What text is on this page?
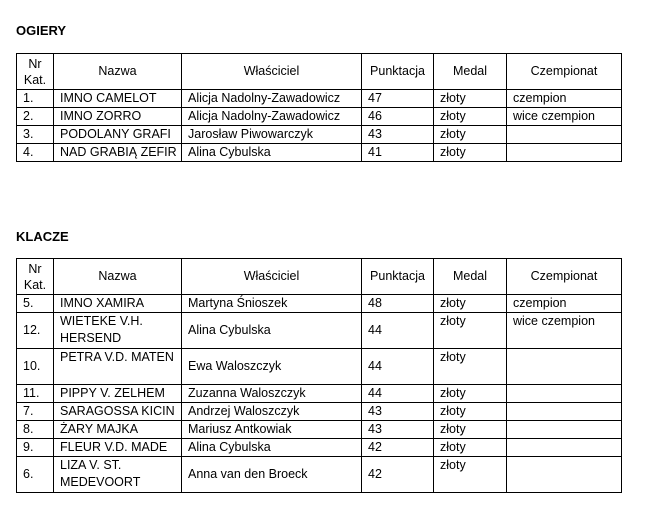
OGIERY
Nr Kat.	Nazwa	Właściciel	Punktacja	Medal	Czempionat
1.	IMNO CAMELOT	Alicja Nadolny-Zawadowicz	47	złoty	czempion
2.	IMNO ZORRO	Alicja Nadolny-Zawadowicz	46	złoty	wice czempion
3.	PODOLANY GRAFI	Jarosław Piwowarczyk	43	złoty	
4.	NAD GRABIĄ ZEFIR	Alina Cybulska	41	złoty	
KLACZE
Nr Kat.	Nazwa	Właściciel	Punktacja	Medal	Czempionat
5.	IMNO XAMIRA	Martyna Śnioszek	48	złoty	czempion
12.	WIETEKE V.H. HERSEND	Alina Cybulska	44	złoty	wice czempion
10.	PETRA V.D. MATEN	Ewa Waloszczyk	44	złoty	
11.	PIPPY V. ZELHEM	Zuzanna Waloszczyk	44	złoty	
7.	SARAGOSSA KICIN	Andrzej Waloszczyk	43	złoty	
8.	ŻARY MAJKA	Mariusz Antkowiak	43	złoty	
9.	FLEUR V.D. MADE	Alina Cybulska	42	złoty	
6.	LIZA V. ST. MEDEVOORT	Anna van den Broeck	42	złoty	
